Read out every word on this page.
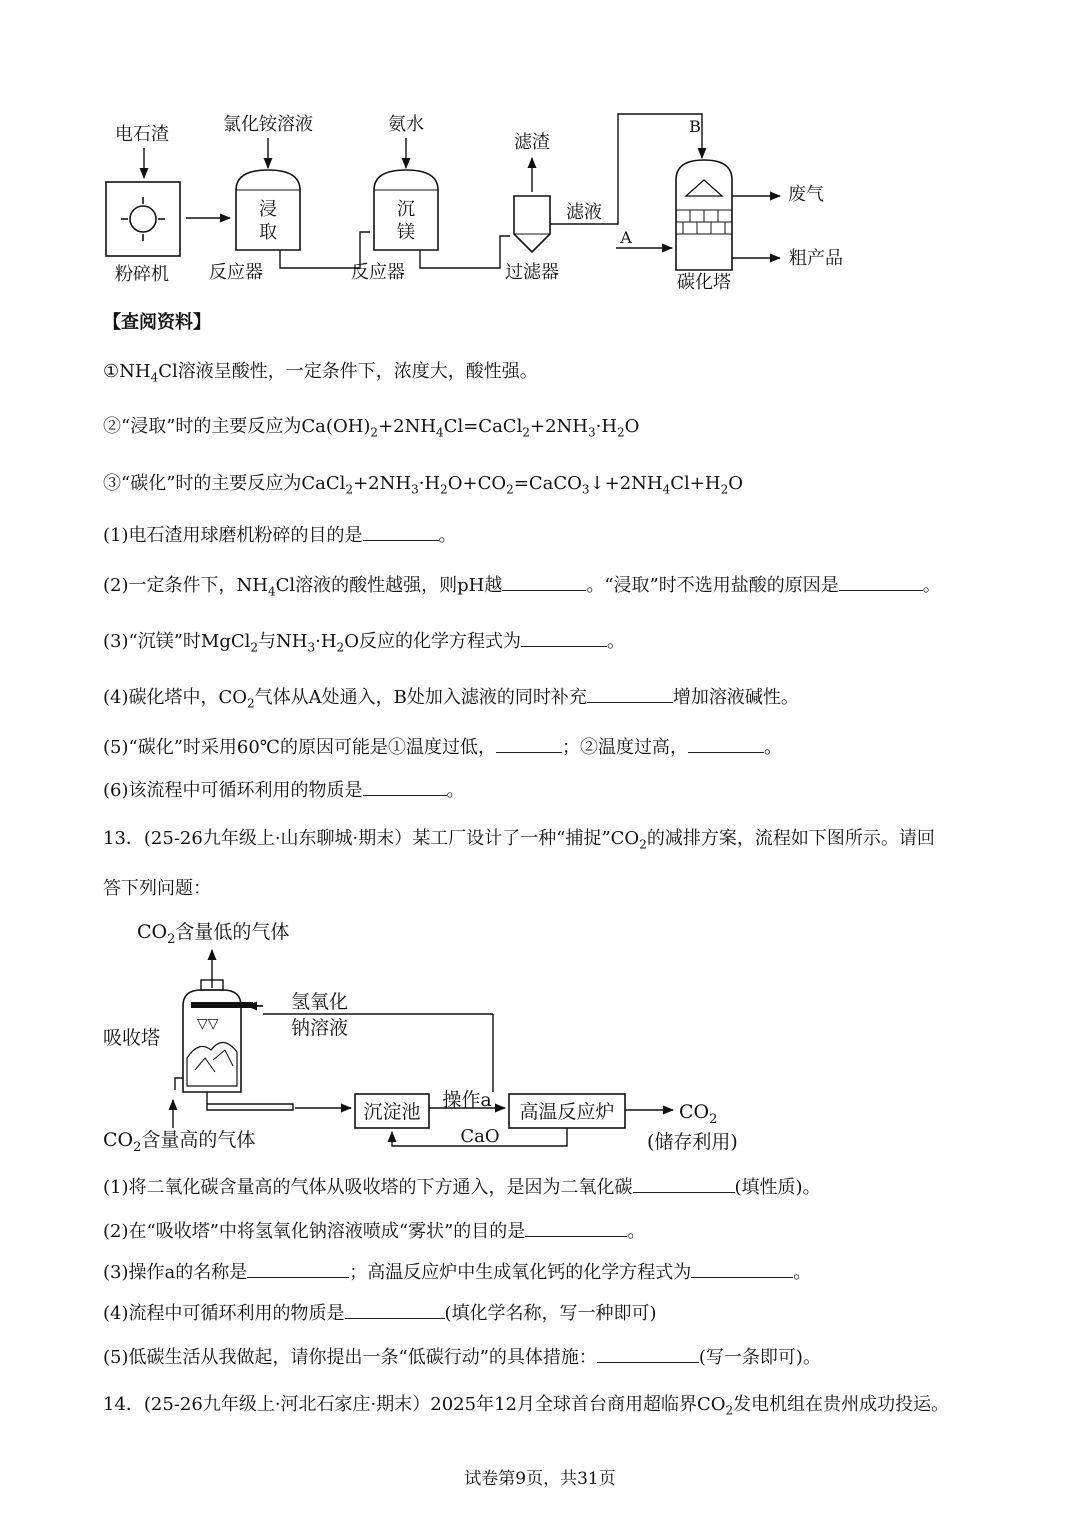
电石渣
粉碎机
氯化铵溶液
浸
取
反应器
氨水
沉
镁
反应器
滤渣
过滤器
滤液
B
A
废气
粗产品
碳化塔
【查阅资料】
$①NH_4Cl$溶液呈酸性，一定条件下，浓度大，酸性强。
②“浸取”时的主要反应为$Ca(OH)_2+2NH_4Cl=CaCl_2+2NH_3\cdot H_2O$
③“碳化”时的主要反应为$CaCl_2+2NH_3\cdot H_2O+CO_2=CaCO_3↓+2NH_4Cl+H_2O$
(1)电石渣用球磨机粉碎的目的是	。
(2)一定条件下，$NH_4Cl$溶液的酸性越强，则pH越	。“浸取”时不选用盐酸的原因是	。
(3)“沉镁”时MgCl$_2$与$NH_3\cdot H_2O$反应的化学方程式为	。
(4)碳化塔中，$CO_2$气体从A处通入，B处加入滤液的同时补充	增加溶液碱性。
(5)“碳化”时采用60℃的原因可能是①温度过低，	；②温度过高，	。
(6)该流程中可循环利用的物质是	。
13．(25-26九年级上·山东聊城·期末）某工厂设计了一种“捕捉$”CO_2$的减排方案，流程如下图所示。请回
答下列问题：
$CO_2$含量低的气体
▽▽
氢氧化
钠溶液
吸收塔
$CO_2$含量高的气体
沉淀池
操作a
高温反应炉
CaO
$CO_2$
(储存利用)
(1)将二氧化碳含量高的气体从吸收塔的下方通入，是因为二氧化碳	(填性质)。
(2)在“吸收塔”中将氢氧化钠溶液喷成“雾状”的目的是	。
(3)操作a的名称是	；高温反应炉中生成氧化钙的化学方程式为	。
(4)流程中可循环利用的物质是	(填化学名称，写一种即可)
(5)低碳生活从我做起，请你提出一条“低碳行动”的具体措施：	(写一条即可)。
14．(25-26九年级上·河北石家庄·期末）2025年12月全球首台商用超临界$CO_2$发电机组在贵州成功投运。
试卷第9页，共31页
